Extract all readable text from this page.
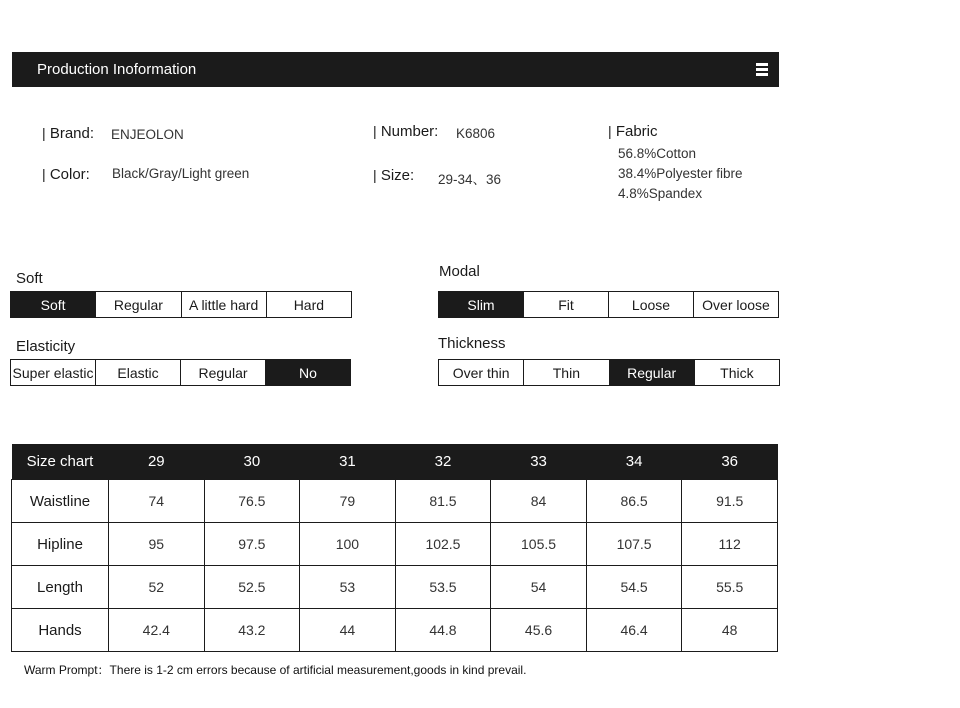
Production Inoformation
| Brand: ENJEOLON
| Color: Black/Gray/Light green
| Number: K6806
| Size: 29-34、36
| Fabric
56.8%Cotton
38.4%Polyester fibre
4.8%Spandex
Soft
Soft	Regular	A little hard	Hard
Elasticity
Super elastic	Elastic	Regular	No
Modal
Slim	Fit	Loose	Over loose
Thickness
Over thin	Thin	Regular	Thick
Size chart	29	30	31	32	33	34	36
Waistline	74	76.5	79	81.5	84	86.5	91.5
Hipline	95	97.5	100	102.5	105.5	107.5	112
Length	52	52.5	53	53.5	54	54.5	55.5
Hands	42.4	43.2	44	44.8	45.6	46.4	48
Warm Prompt：There is 1-2 cm errors because of artificial measurement,goods in kind prevail.
